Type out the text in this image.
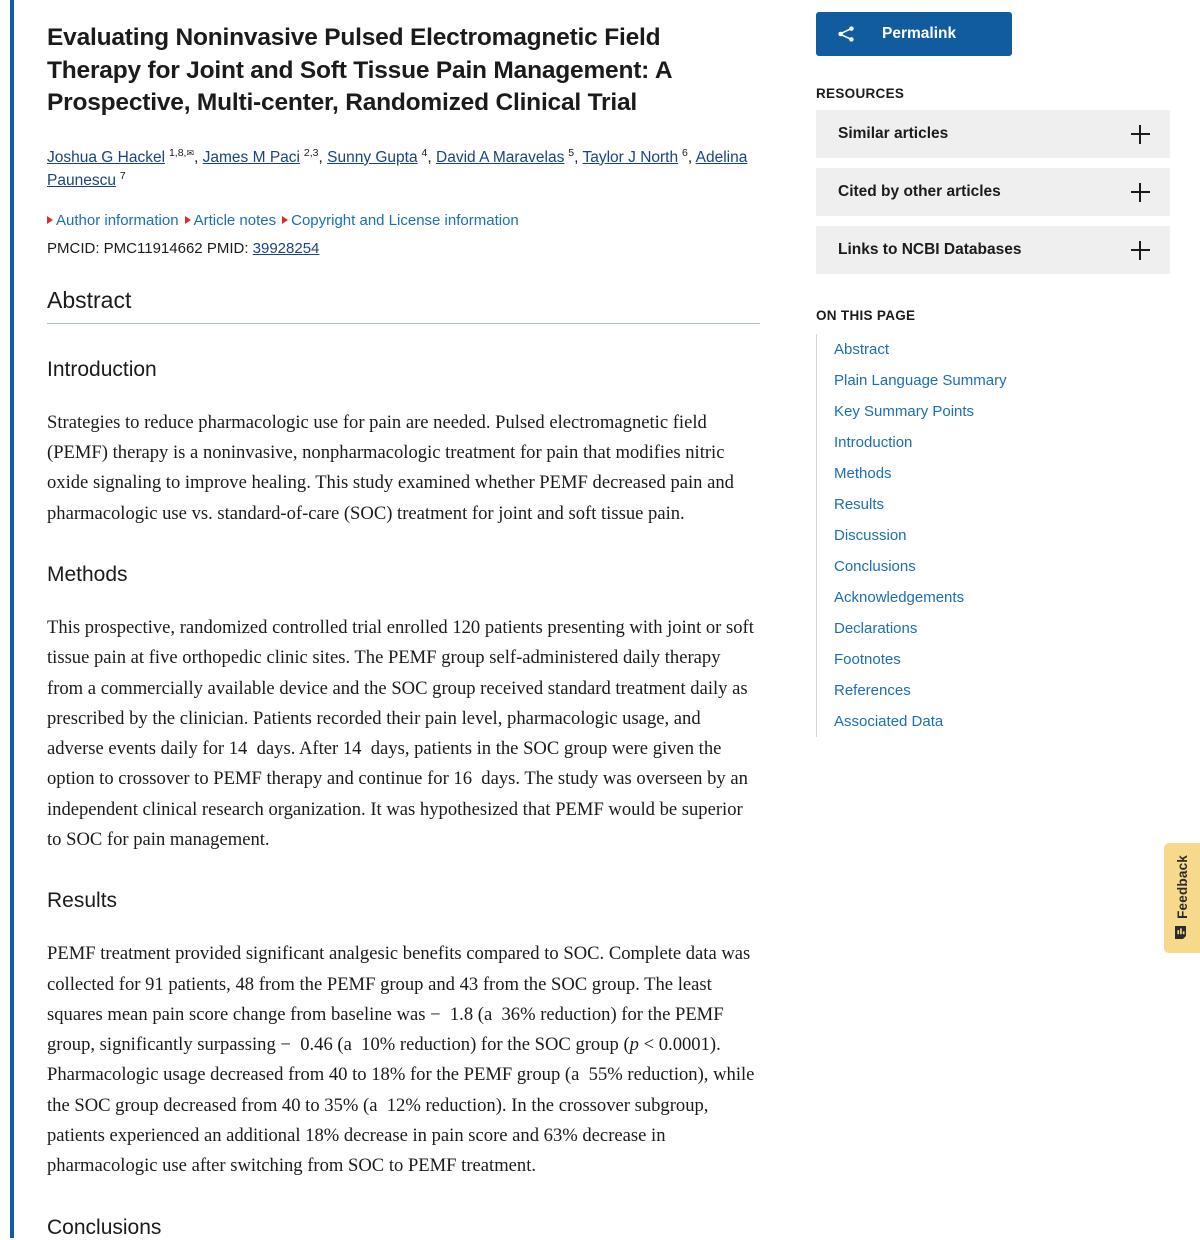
Evaluating Noninvasive Pulsed Electromagnetic Field Therapy for Joint and Soft Tissue Pain Management: A Prospective, Multi-center, Randomized Clinical Trial
Joshua G Hackel $^{1,8,✉}$, James M Paci $^{2,3}$, Sunny Gupta $^4$, David A Maravelas $^5$, Taylor J North $^6$, Adelina Paunescu $^7$
Author information Article notes Copyright and License information
PMCID: PMC11914662 PMID: 39928254
Abstract
Introduction

Strategies to reduce pharmacologic use for pain are needed. Pulsed electromagnetic field (PEMF) therapy is a noninvasive, nonpharmacologic treatment for pain that modifies nitric oxide signaling to improve healing. This study examined whether PEMF decreased pain and pharmacologic use vs. standard-of-care (SOC) treatment for joint and soft tissue pain.

Methods

This prospective, randomized controlled trial enrolled 120 patients presenting with joint or soft tissue pain at five orthopedic clinic sites. The PEMF group self-administered daily therapy from a commercially available device and the SOC group received standard treatment daily as prescribed by the clinician. Patients recorded their pain level, pharmacologic usage, and adverse events daily for 14  days. After 14  days, patients in the SOC group were given the option to crossover to PEMF therapy and continue for 16  days. The study was overseen by an independent clinical research organization. It was hypothesized that PEMF would be superior to SOC for pain management.

Results

PEMF treatment provided significant analgesic benefits compared to SOC. Complete data was collected for 91 patients, 48 from the PEMF group and 43 from the SOC group. The least squares mean pain score change from baseline was −  1.8 (a  36% reduction) for the PEMF group, significantly surpassing −  0.46 (a  10% reduction) for the SOC group (p < 0.0001). Pharmacologic usage decreased from 40 to 18% for the PEMF group (a  55% reduction), while the SOC group decreased from 40 to 35% (a  12% reduction). In the crossover subgroup, patients experienced an additional 18% decrease in pain score and 63% decrease in pharmacologic use after switching from SOC to PEMF treatment.

Conclusions
Permalink
RESOURCES
Similar articles
Cited by other articles
Links to NCBI Databases
ON THIS PAGE
Abstract
Plain Language Summary
Key Summary Points
Introduction
Methods
Results
Discussion
Conclusions
Acknowledgements
Declarations
Footnotes
References
Associated Data
Feedback
